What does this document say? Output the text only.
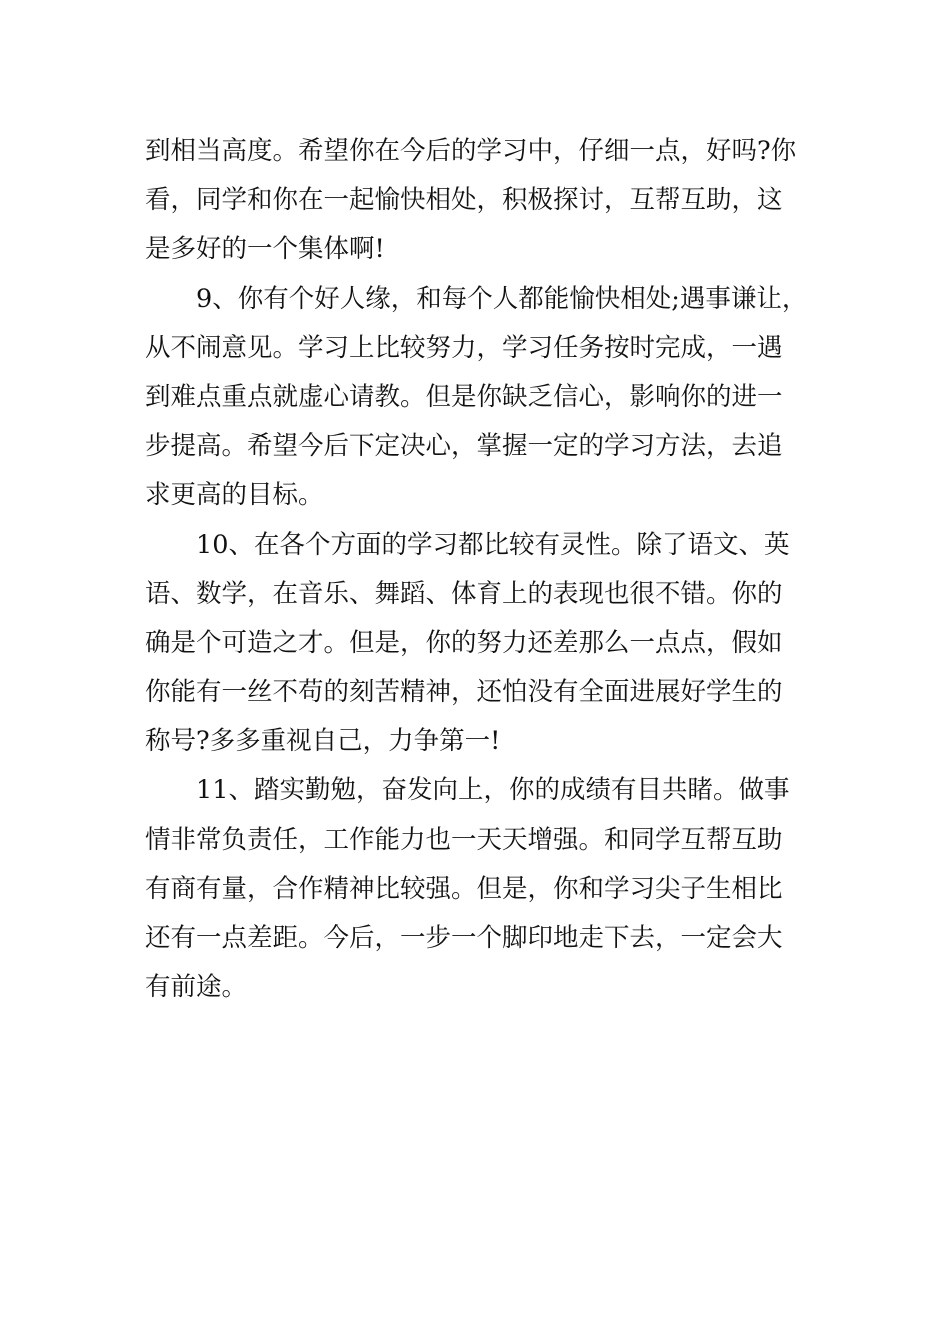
到相当高度。希望你在今后的学习中，仔细一点，好吗?你
看，同学和你在一起愉快相处，积极探讨，互帮互助，这
是多好的一个集体啊!
9、你有个好人缘，和每个人都能愉快相处;遇事谦让，
从不闹意见。学习上比较努力，学习任务按时完成，一遇
到难点重点就虚心请教。但是你缺乏信心，影响你的进一
步提高。希望今后下定决心，掌握一定的学习方法，去追
求更高的目标。
10、在各个方面的学习都比较有灵性。除了语文、英
语、数学，在音乐、舞蹈、体育上的表现也很不错。你的
确是个可造之才。但是，你的努力还差那么一点点，假如
你能有一丝不苟的刻苦精神，还怕没有全面进展好学生的
称号?多多重视自己，力争第一!
11、踏实勤勉，奋发向上，你的成绩有目共睹。做事
情非常负责任，工作能力也一天天增强。和同学互帮互助
有商有量，合作精神比较强。但是，你和学习尖子生相比
还有一点差距。今后，一步一个脚印地走下去，一定会大
有前途。
